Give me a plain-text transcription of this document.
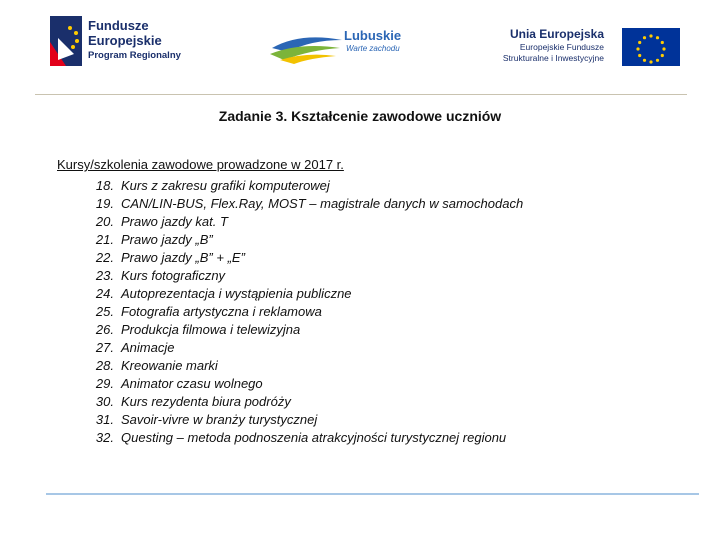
Fundusze
Europejskie
Program Regionalny
Lubuskie
Warte zachodu
Unia Europejska
Europejskie Fundusze
Strukturalne i Inwestycyjne
Zadanie 3. Kształcenie zawodowe uczniów
Kursy/szkolenia zawodowe prowadzone w 2017 r.
18. Kurs z zakresu grafiki komputerowej
19. CAN/LIN-BUS, Flex.Ray, MOST – magistrale danych w samochodach
20. Prawo jazdy kat. T
21. Prawo jazdy „B”
22. Prawo jazdy „B” + „E”
23. Kurs fotograficzny
24. Autoprezentacja i wystąpienia publiczne
25. Fotografia artystyczna i reklamowa
26. Produkcja filmowa i telewizyjna
27. Animacje
28. Kreowanie marki
29. Animator czasu wolnego
30. Kurs rezydenta biura podróży
31. Savoir-vivre w branży turystycznej
32. Questing – metoda podnoszenia atrakcyjności turystycznej regionu
